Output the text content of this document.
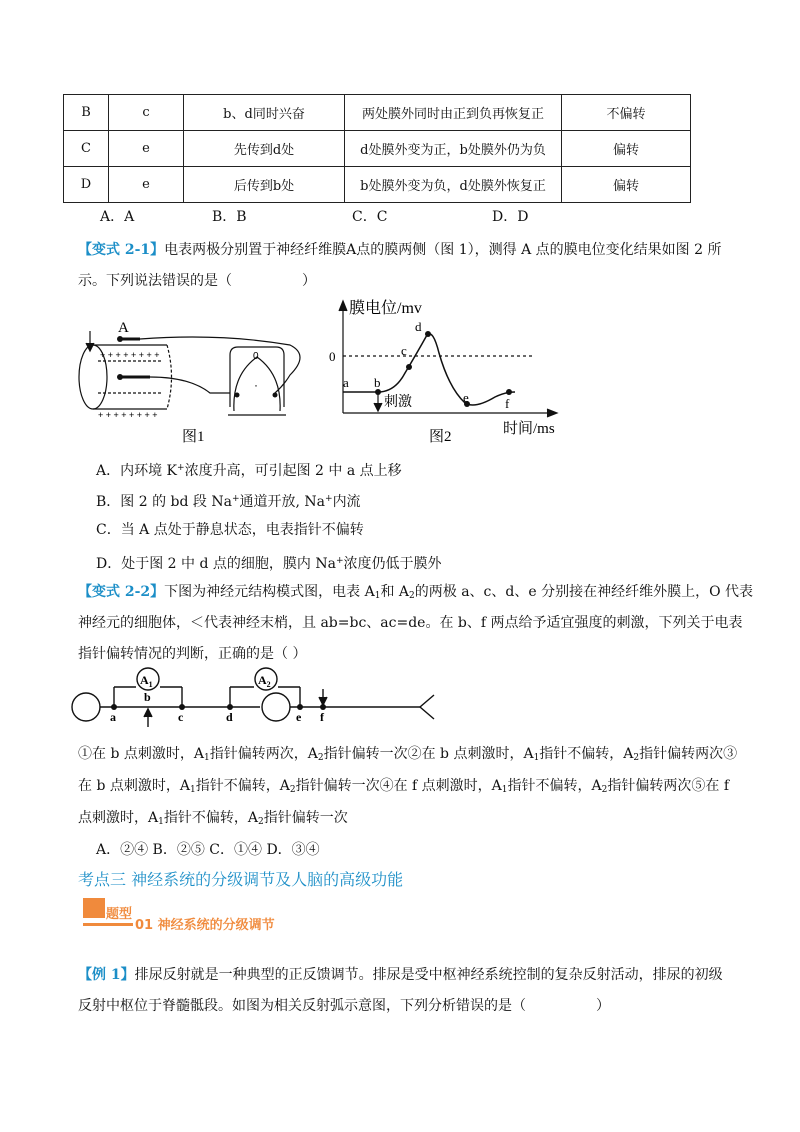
B	c	b、d同时兴奋	两处膜外同时由正到负再恢复正	不偏转
C	e	先传到d处	d处膜外变为正，b处膜外仍为负	偏转
D	e	后传到b处	b处膜外变为负，d处膜外恢复正	偏转
A．A	B．B	C．C	D．D
【变式 2-1】电表两极分别置于神经纤维膜A点的膜两侧（图 1），测得 A 点的膜电位变化结果如图 2 所
示。下列说法错误的是（	）
A
+ + + + + + + +
+ + + + + + + +
0
·
图1
膜电位/mv
0
a b
c
d
e	f
刺激
时间/ms
图2
A．内环境 K+浓度升高，可引起图 2 中 a 点上移
B．图 2 的 bd 段 Na+通道开放, Na+内流
C．当 A 点处于静息状态，电表指针不偏转
D．处于图 2 中 d 点的细胞，膜内 Na+浓度仍低于膜外
【变式 2-2】下图为神经元结构模式图，电表 $A_1$和 $A_2$的两极 a、c、d、e 分别接在神经纤维外膜上，O 代表
神经元的细胞体，＜代表神经末梢，且 ab=bc、ac=de。在 b、f 两点给予适宜强度的刺激，下列关于电表
指针偏转情况的判断，正确的是（ ）
$A_1$	$A_2$
a
b
c	d	e f
①在 b 点刺激时，$A_1$指针偏转两次，$A_2$指针偏转一次②在 b 点刺激时，$A_1$指针不偏转，$A_2$指针偏转两次③
在 b 点刺激时，$A_1$指针不偏转，$A_2$指针偏转一次④在 f 点刺激时，$A_1$指针不偏转，$A_2$指针偏转两次⑤在 f
点刺激时，$A_1$指针不偏转，$A_2$指针偏转一次
A．②④ B．②⑤ C．①④ D．③④
考点三 神经系统的分级调节及人脑的高级功能
题型
01 神经系统的分级调节
【例 1】排尿反射就是一种典型的正反馈调节。排尿是受中枢神经系统控制的复杂反射活动，排尿的初级
反射中枢位于脊髓骶段。如图为相关反射弧示意图，下列分析错误的是（	）
